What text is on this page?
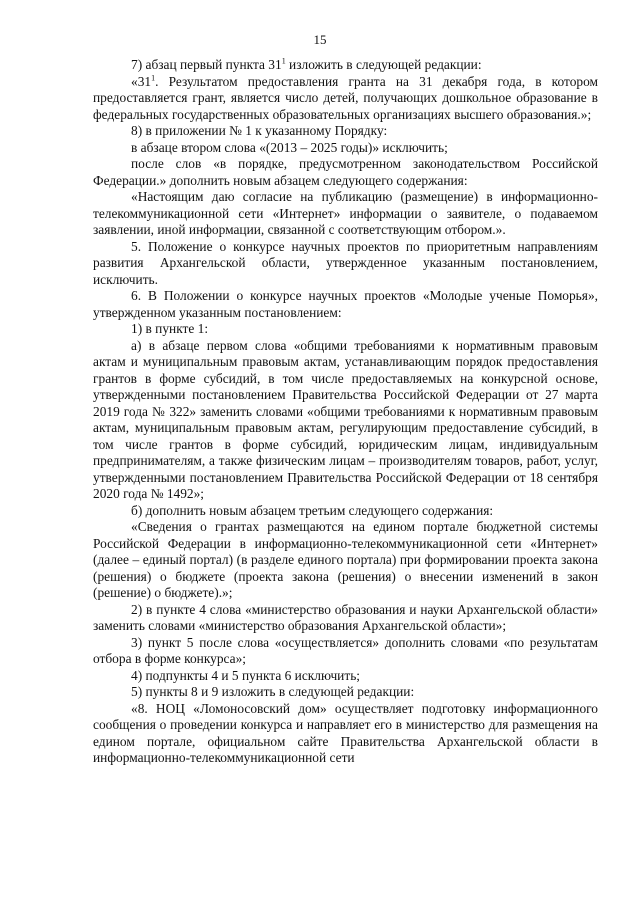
15

7) абзац первый пункта $31^1$ изложить в следующей редакции:

«$31^1$. Результатом предоставления гранта на 31 декабря года, в котором предоставляется грант, является число детей, получающих дошкольное образование в федеральных государственных образовательных организациях высшего образования.»;

8) в приложении № 1 к указанному Порядку:

в абзаце втором слова «(2013 – 2025 годы)» исключить;

после слов «в порядке, предусмотренном законодательством Российской Федерации.» дополнить новым абзацем следующего содержания:

«Настоящим даю согласие на публикацию (размещение) в информационно-телекоммуникационной сети «Интернет» информации о заявителе, о подаваемом заявлении, иной информации, связанной с соответствующим отбором.».

5. Положение о конкурсе научных проектов по приоритетным направлениям развития Архангельской области, утвержденное указанным постановлением, исключить.

6. В Положении о конкурсе научных проектов «Молодые ученые Поморья», утвержденном указанным постановлением:

1) в пункте 1:

а) в абзаце первом слова «общими требованиями к нормативным правовым актам и муниципальным правовым актам, устанавливающим порядок предоставления грантов в форме субсидий, в том числе предоставляемых на конкурсной основе, утвержденными постановлением Правительства Российской Федерации от 27 марта 2019 года № 322» заменить словами «общими требованиями к нормативным правовым актам, муниципальным правовым актам, регулирующим предоставление субсидий, в том числе грантов в форме субсидий, юридическим лицам, индивидуальным предпринимателям, а также физическим лицам – производителям товаров, работ, услуг, утвержденными постановлением Правительства Российской Федерации от 18 сентября 2020 года № 1492»;

б) дополнить новым абзацем третьим следующего содержания:

«Сведения о грантах размещаются на едином портале бюджетной системы Российской Федерации в информационно-телекоммуникационной сети «Интернет» (далее – единый портал) (в разделе единого портала) при формировании проекта закона (решения) о бюджете (проекта закона (решения) о внесении изменений в закон (решение) о бюджете).»;

2) в пункте 4 слова «министерство образования и науки Архангельской области» заменить словами «министерство образования Архангельской области»;

3) пункт 5 после слова «осуществляется» дополнить словами «по результатам отбора в форме конкурса»;

4) подпункты 4 и 5 пункта 6 исключить;

5) пункты 8 и 9 изложить в следующей редакции:

«8. НОЦ «Ломоносовский дом» осуществляет подготовку информационного сообщения о проведении конкурса и направляет его в министерство для размещения на едином портале, официальном сайте Правительства Архангельской области в информационно-телекоммуникационной сети
